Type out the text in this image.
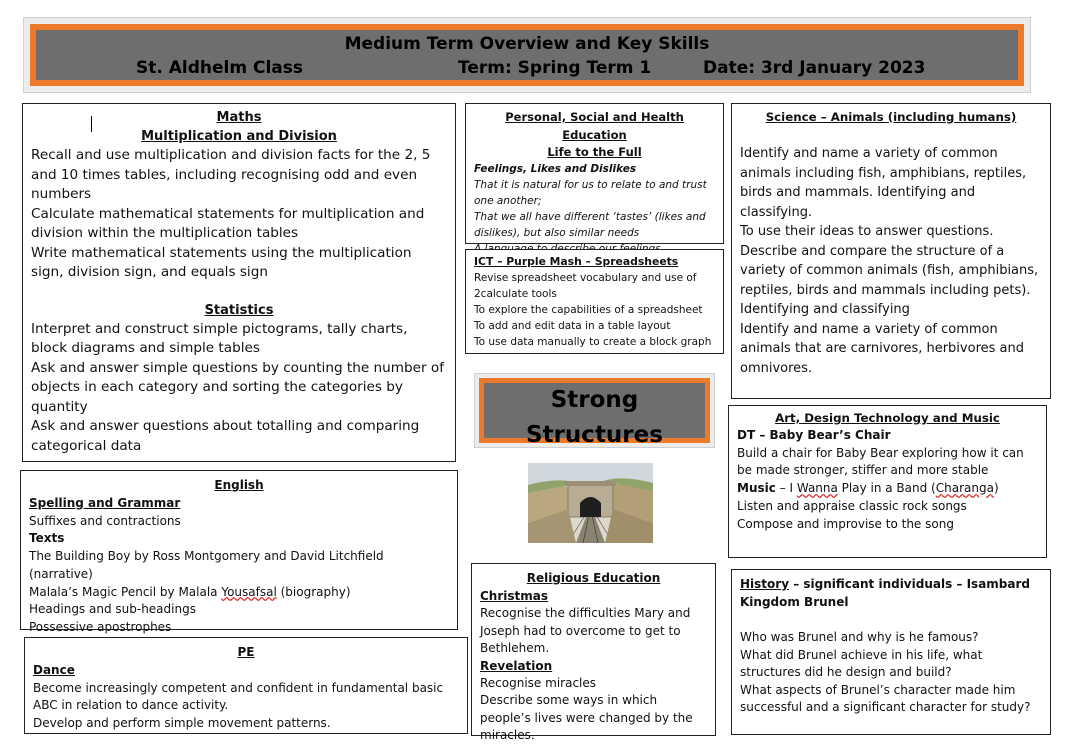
Medium Term Overview and Key Skills
St. Aldhelm Class	Term: Spring Term 1	Date: 3rd January 2023
Maths
Multiplication and Division
Recall and use multiplication and division facts for the 2, 5 and 10 times tables, including recognising odd and even numbers
Calculate mathematical statements for multiplication and division within the multiplication tables
Write mathematical statements using the multiplication sign, division sign, and equals sign
Statistics
Interpret and construct simple pictograms, tally charts, block diagrams and simple tables
Ask and answer simple questions by counting the number of objects in each category and sorting the categories by quantity
Ask and answer questions about totalling and comparing categorical data
Personal, Social and Health Education
Life to the Full
Feelings, Likes and Dislikes
That it is natural for us to relate to and trust one another;
That we all have different ‘tastes’ (likes and dislikes), but also similar needs
ICT – Purple Mash – Spreadsheets
Revise spreadsheet vocabulary and use of 2calculate tools
To explore the capabilities of a spreadsheet
To add and edit data in a table layout
To use data manually to create a block graph
Science – Animals (including humans)
Identify and name a variety of common animals including fish, amphibians, reptiles, birds and mammals. Identifying and classifying.
To use their ideas to answer questions.
Describe and compare the structure of a variety of common animals (fish, amphibians, reptiles, birds and mammals including pets).
Identifying and classifying
Identify and name a variety of common animals that are carnivores, herbivores and omnivores.
Strong
Structures
Art, Design Technology and Music
DT – Baby Bear’s Chair
Build a chair for Baby Bear exploring how it can be made stronger, stiffer and more stable
Music – I Wanna Play in a Band (Charanga)
Listen and appraise classic rock songs
Compose and improvise to the song
English
Spelling and Grammar
Suffixes and contractions
Texts
The Building Boy by Ross Montgomery and David Litchfield (narrative)
Malala’s Magic Pencil by Malala Yousafsal (biography)
Headings and sub-headings
Possessive apostrophes
PE
Dance
Become increasingly competent and confident in fundamental basic ABC in relation to dance activity.
Develop and perform simple movement patterns.
Religious Education
Christmas
Recognise the difficulties Mary and Joseph had to overcome to get to Bethlehem.
Revelation
Recognise miracles
Describe some ways in which people’s lives were changed by the miracles.
History – significant individuals – Isambard Kingdom Brunel
Who was Brunel and why is he famous?
What did Brunel achieve in his life, what structures did he design and build?
What aspects of Brunel’s character made him successful and a significant character for study?
